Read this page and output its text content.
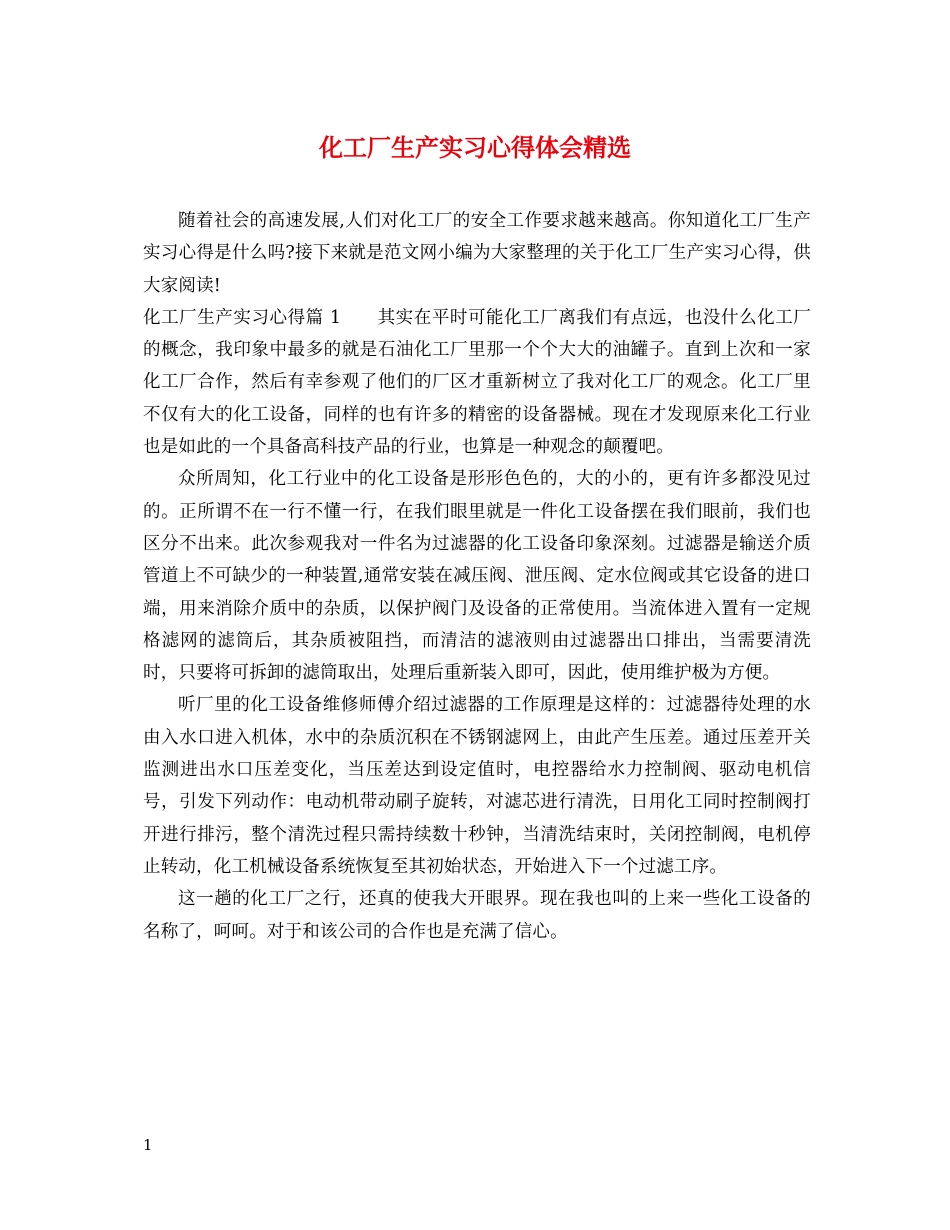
化工厂生产实习心得体会精选

随着社会的高速发展,人们对化工厂的安全工作要求越来越高。你知道化工厂生产实习心得是什么吗?接下来就是范文网小编为大家整理的关于化工厂生产实习心得，供大家阅读!

化工厂生产实习心得篇 1 其实在平时可能化工厂离我们有点远，也没什么化工厂的概念，我印象中最多的就是石油化工厂里那一个个大大的油罐子。直到上次和一家化工厂合作，然后有幸参观了他们的厂区才重新树立了我对化工厂的观念。化工厂里不仅有大的化工设备，同样的也有许多的精密的设备器械。现在才发现原来化工行业也是如此的一个具备高科技产品的行业，也算是一种观念的颠覆吧。

众所周知，化工行业中的化工设备是形形色色的，大的小的，更有许多都没见过的。正所谓不在一行不懂一行，在我们眼里就是一件化工设备摆在我们眼前，我们也区分不出来。此次参观我对一件名为过滤器的化工设备印象深刻。过滤器是输送介质管道上不可缺少的一种装置,通常安装在减压阀、泄压阀、定水位阀或其它设备的进口端，用来消除介质中的杂质，以保护阀门及设备的正常使用。当流体进入置有一定规格滤网的滤筒后，其杂质被阻挡，而清洁的滤液则由过滤器出口排出，当需要清洗时，只要将可拆卸的滤筒取出，处理后重新装入即可，因此，使用维护极为方便。

听厂里的化工设备维修师傅介绍过滤器的工作原理是这样的：过滤器待处理的水由入水口进入机体，水中的杂质沉积在不锈钢滤网上，由此产生压差。通过压差开关监测进出水口压差变化，当压差达到设定值时，电控器给水力控制阀、驱动电机信号，引发下列动作：电动机带动刷子旋转，对滤芯进行清洗，日用化工同时控制阀打开进行排污，整个清洗过程只需持续数十秒钟，当清洗结束时，关闭控制阀，电机停止转动，化工机械设备系统恢复至其初始状态，开始进入下一个过滤工序。

这一趟的化工厂之行，还真的使我大开眼界。现在我也叫的上来一些化工设备的名称了，呵呵。对于和该公司的合作也是充满了信心。

1
